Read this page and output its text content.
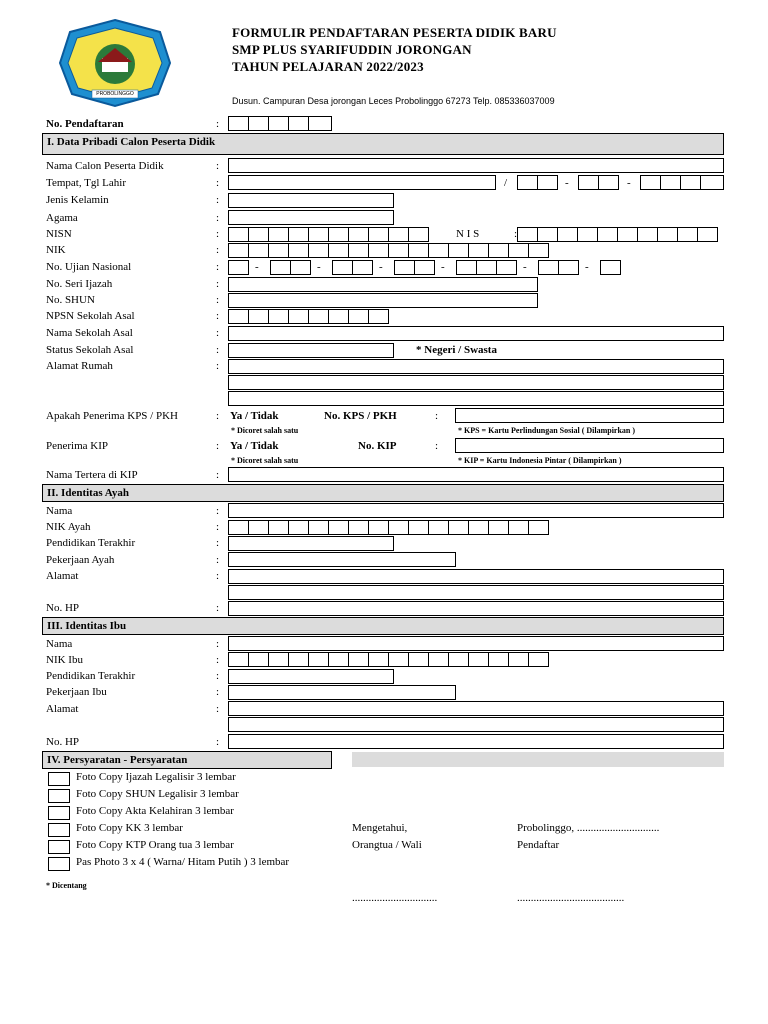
PROBOLINGGO
FORMULIR PENDAFTARAN PESERTA DIDIK BARU
SMP PLUS SYARIFUDDIN JORONGAN
TAHUN PELAJARAN 2022/2023
Dusun. Campuran Desa jorongan Leces Probolinggo 67273 Telp. 085336037009
No. Pendaftaran	:
I. Data Pribadi Calon Peserta Didik
Nama Calon Peserta Didik	:
Tempat, Tgl Lahir	:	/	-	-
Jenis Kelamin	:
Agama	:
NISN	:	N I S	:
NIK	:
No. Ujian Nasional	:	-	-	-	-	-	-
No. Seri Ijazah	:
No. SHUN	:
NPSN Sekolah Asal	:
Nama Sekolah Asal	:
Status Sekolah Asal	:	* Negeri / Swasta
Alamat Rumah	:
Apakah Penerima KPS / PKH	: Ya / Tidak	No. KPS / PKH	:
* Dicoret salah satu	* KPS = Kartu Perlindungan Sosial ( Dilampirkan )
Penerima KIP	: Ya / Tidak	No. KIP	:
* Dicoret salah satu	* KIP = Kartu Indonesia Pintar ( Dilampirkan )
Nama Tertera di KIP	:
II. Identitas Ayah
Nama	:
NIK Ayah	:
Pendidikan Terakhir	:
Pekerjaan Ayah	:
Alamat	:
No. HP	:
III. Identitas Ibu
Nama	:
NIK Ibu	:
Pendidikan Terakhir	:
Pekerjaan Ibu	:
Alamat	:
No. HP	:
IV. Persyaratan - Persyaratan
Foto Copy Ijazah Legalisir 3 lembar
Foto Copy SHUN Legalisir 3 lembar
Foto Copy Akta Kelahiran 3 lembar
Foto Copy KK 3 lembar
Foto Copy KTP Orang tua 3 lembar
Pas Photo 3 x 4 ( Warna/ Hitam Putih ) 3 lembar
* Dicentang
Mengetahui,
Orangtua / Wali
Probolinggo, ..............................
Pendaftar
...............................	.......................................
